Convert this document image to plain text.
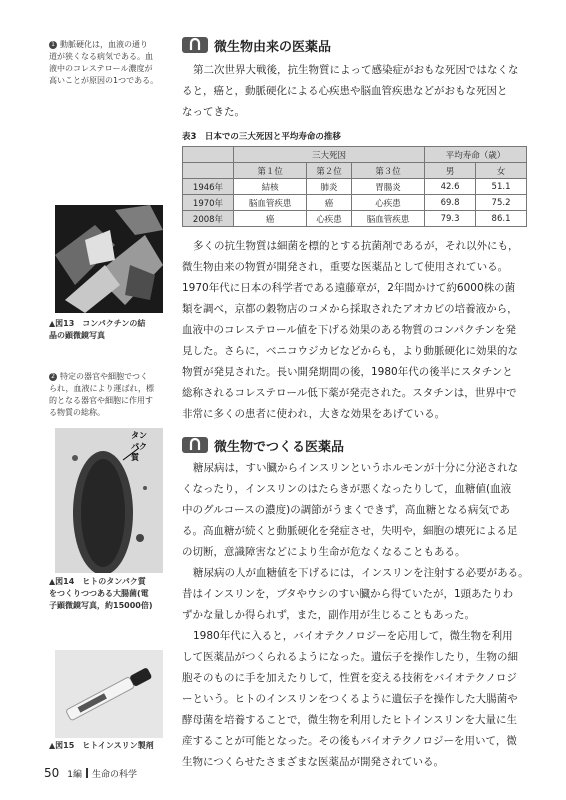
1 動脈硬化は，血液の通り
道が狭くなる病気である。血
液中のコレステロール濃度が
高いことが原因の1つである。
▲図13　コンパクチンの結
晶の顕微鏡写真
2 特定の器官や細胞でつく
られ，血液により運ばれ，標
的となる器官や細胞に作用す
る物質の総称。
タンパク質
▲図14　ヒトのタンパク質
をつくりつつある大腸菌(電
子顕微鏡写真，約15000倍)
▲図15　ヒトインスリン製剤
微生物由来の医薬品
第二次世界大戦後，抗生物質によって感染症がおもな死因ではなくな
ると，癌と，動脈硬化による心疾患や脳血管疾患などがおもな死因と
なってきた。
表3　日本での三大死因と平均寿命の推移
	三大死因			平均寿命（歳）	
	第１位	第２位	第３位	男	女
1946年	結核	肺炎	胃腸炎	42.6	51.1
1970年	脳血管疾患	癌	心疾患	69.8	75.2
2008年	癌	心疾患	脳血管疾患	79.3	86.1
多くの抗生物質は細菌を標的とする抗菌剤であるが，それ以外にも，
微生物由来の物質が開発され，重要な医薬品として使用されている。
1970年代に日本の科学者である遠藤章が，2年間かけて約6000株の菌
類を調べ，京都の穀物店のコメから採取されたアオカビの培養液から，
血液中のコレステロール値を下げる効果のある物質のコンパクチンを発
見した。さらに，ベニコウジカビなどからも，より動脈硬化に効果的な
物質が発見された。長い開発期間の後，1980年代の後半にスタチンと
総称されるコレステロール低下薬が発売された。スタチンは，世界中で
非常に多くの患者に使われ，大きな効果をあげている。
微生物でつくる医薬品
糖尿病は，すい臓からインスリンというホルモンが十分に分泌されな
くなったり，インスリンのはたらきが悪くなったりして，血糖値(血液
中のグルコースの濃度)の調節がうまくできず，高血糖となる病気であ
る。高血糖が続くと動脈硬化を発症させ，失明や，細胞の壊死による足
の切断，意識障害などにより生命が危なくなることもある。
糖尿病の人が血糖値を下げるには，インスリンを注射する必要がある。
昔はインスリンを，ブタやウシのすい臓から得ていたが，1頭あたりわ
ずかな量しか得られず，また，副作用が生じることもあった。
1980年代に入ると，バイオテクノロジーを応用して，微生物を利用
して医薬品がつくられるようになった。遺伝子を操作したり，生物の細
胞そのものに手を加えたりして，性質を変える技術をバイオテクノロジ
ーという。ヒトのインスリンをつくるように遺伝子を操作した大腸菌や
酵母菌を培養することで，微生物を利用したヒトインスリンを大量に生
産することが可能となった。その後もバイオテクノロジーを用いて，微
生物につくらせたさまざまな医薬品が開発されている。
50 1編 生命の科学
